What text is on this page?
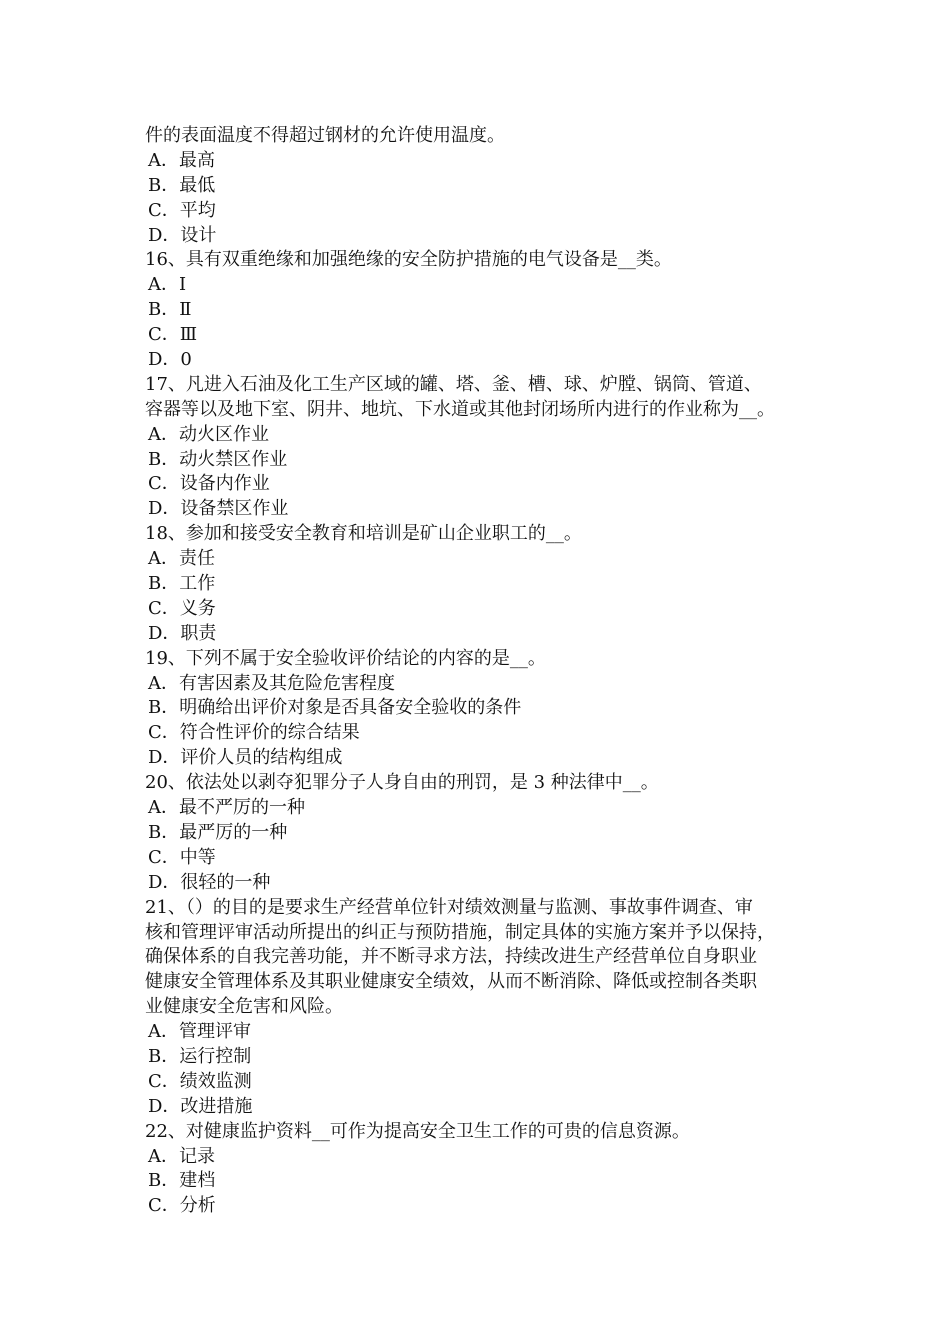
件的表面温度不得超过钢材的允许使用温度。
A．最高
B．最低
C．平均
D．设计
16、具有双重绝缘和加强绝缘的安全防护措施的电气设备是__类。
A．Ⅰ
B．Ⅱ
C．Ⅲ
D．0
17、凡进入石油及化工生产区域的罐、塔、釜、槽、球、炉膛、锅筒、管道、
容器等以及地下室、阴井、地坑、下水道或其他封闭场所内进行的作业称为__。
A．动火区作业
B．动火禁区作业
C．设备内作业
D．设备禁区作业
18、参加和接受安全教育和培训是矿山企业职工的__。
A．责任
B．工作
C．义务
D．职责
19、下列不属于安全验收评价结论的内容的是__。
A．有害因素及其危险危害程度
B．明确给出评价对象是否具备安全验收的条件
C．符合性评价的综合结果
D．评价人员的结构组成
20、依法处以剥夺犯罪分子人身自由的刑罚，是 3 种法律中__。
A．最不严厉的一种
B．最严厉的一种
C．中等
D．很轻的一种
21、（）的目的是要求生产经营单位针对绩效测量与监测、事故事件调查、审
核和管理评审活动所提出的纠正与预防措施，制定具体的实施方案并予以保持，
确保体系的自我完善功能，并不断寻求方法，持续改进生产经营单位自身职业
健康安全管理体系及其职业健康安全绩效，从而不断消除、降低或控制各类职
业健康安全危害和风险。
A．管理评审
B．运行控制
C．绩效监测
D．改进措施
22、对健康监护资料__可作为提高安全卫生工作的可贵的信息资源。
A．记录
B．建档
C．分析
